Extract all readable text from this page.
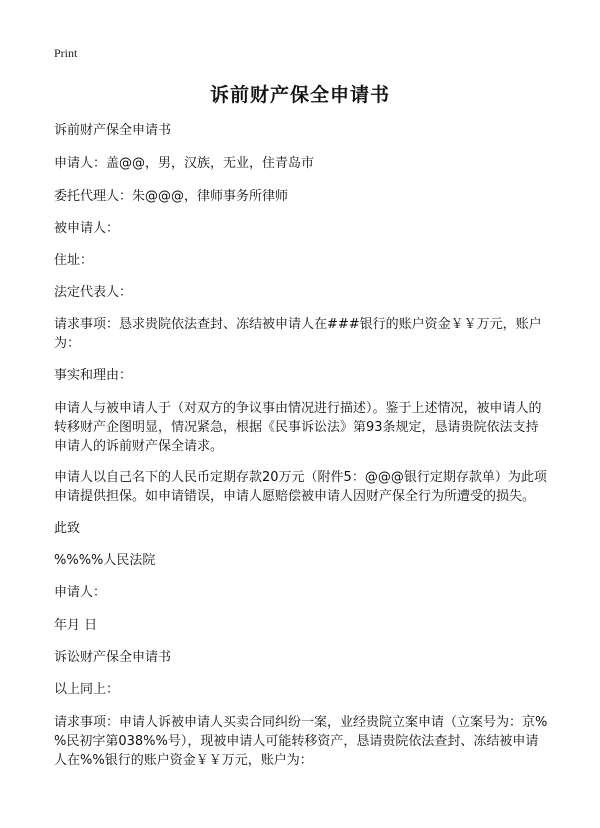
Print
诉前财产保全申请书

诉前财产保全申请书

申请人：盖@@，男，汉族，无业，住青岛市

委托代理人：朱@@@，律师事务所律师

被申请人：

住址：

法定代表人：

请求事项：恳求贵院依法查封、冻结被申请人在###银行的账户资金￥￥万元，账户为：

事实和理由：

申请人与被申请人于（对双方的争议事由情况进行描述）。鉴于上述情况，被申请人的转移财产企图明显，情况紧急，根据《民事诉讼法》第93条规定，恳请贵院依法支持申请人的诉前财产保全请求。

申请人以自己名下的人民币定期存款20万元（附件5：@@@银行定期存款单）为此项申请提供担保。如申请错误，申请人愿赔偿被申请人因财产保全行为所遭受的损失。

此致

%%%%人民法院

申请人：

年月 日

诉讼财产保全申请书

以上同上：

请求事项：申请人诉被申请人买卖合同纠纷一案，业经贵院立案申请（立案号为：京%%民初字第038%%号），现被申请人可能转移资产，恳请贵院依法查封、冻结被申请人在%%银行的账户资金￥￥万元，账户为：
